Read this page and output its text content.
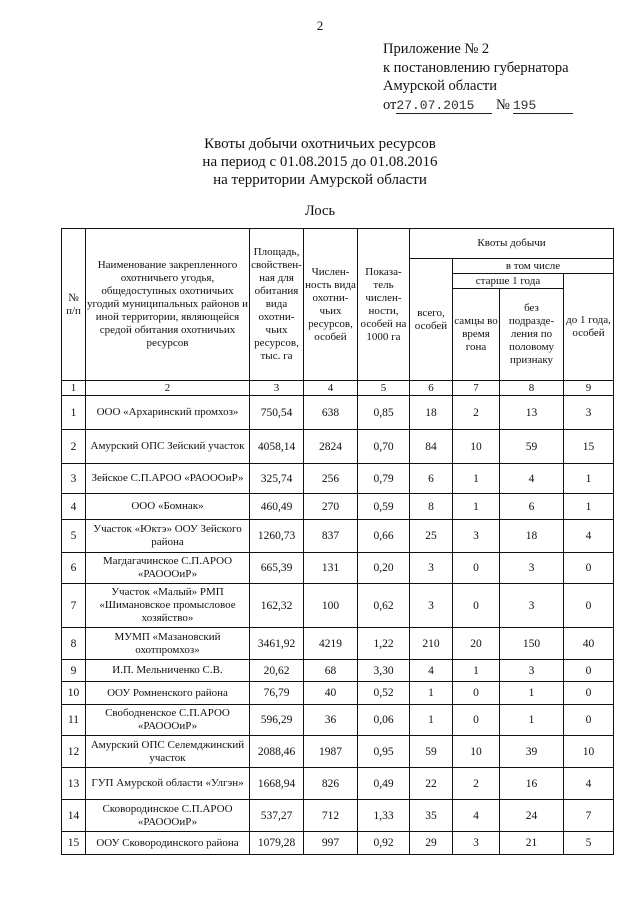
2
Приложение № 2
к постановлению губернатора
Амурской области
от27.07.2015 № 195
Квоты добычи охотничьих ресурсов
на период с 01.08.2015 до 01.08.2016
на территории Амурской области
Лось
№ п/п	Наименование закрепленного охотничьего угодья, общедоступных охотничьих угодий муниципальных районов и иной территории, являющейся средой обитания охотничьих ресурсов	Площадь, свойствен-ная для обитания вида охотни-чьих ресурсов, тыс. га	Числен-ность вида охотни-чьих ресурсов, особей	Показа-тель числен-ности, особей на 1000 га	Квоты добычи			
					всего, особей	в том числе		
						старше 1 года		до 1 года, особей
						самцы во время гона	без подразде-ления по половому признаку	
1	2	3	4	5	6	7	8	9
1	ООО «Архаринский промхоз»	750,54	638	0,85	18	2	13	3
2	Амурский ОПС Зейский участок	4058,14	2824	0,70	84	10	59	15
3	Зейское С.П.АРОО «РАОООиР»	325,74	256	0,79	6	1	4	1
4	ООО «Бомнак»	460,49	270	0,59	8	1	6	1
5	Участок «Юктэ» ООУ Зейского района	1260,73	837	0,66	25	3	18	4
6	Магдагачинское С.П.АРОО «РАОООиР»	665,39	131	0,20	3	0	3	0
7	Участок «Малый» РМП «Шимановское промысловое хозяйство»	162,32	100	0,62	3	0	3	0
8	МУМП «Мазановский охотпромхоз»	3461,92	4219	1,22	210	20	150	40
9	И.П. Мельниченко С.В.	20,62	68	3,30	4	1	3	0
10	ООУ Ромненского района	76,79	40	0,52	1	0	1	0
11	Свободненское С.П.АРОО «РАОООиР»	596,29	36	0,06	1	0	1	0
12	Амурский ОПС Селемджинский участок	2088,46	1987	0,95	59	10	39	10
13	ГУП Амурской области «Улгэн»	1668,94	826	0,49	22	2	16	4
14	Сковородинское С.П.АРОО «РАОООиР»	537,27	712	1,33	35	4	24	7
15	ООУ Сковородинского района	1079,28	997	0,92	29	3	21	5
